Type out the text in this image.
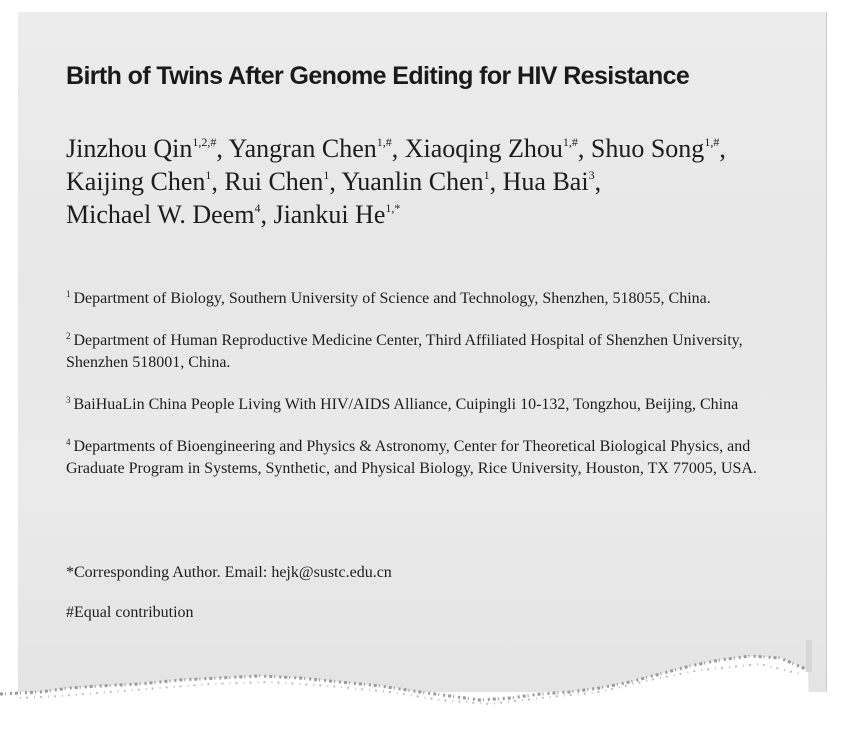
Birth of Twins After Genome Editing for HIV Resistance

Jinzhou Qin$^{1,2,\#}$, Yangran Chen$^{1,\#}$, Xiaoqing Zhou$^{1,\#}$, Shuo Song$^{1,\#}$, Kaijing Chen$^1$, Rui Chen$^1$, Yuanlin Chen$^1$, Hua Bai$^3$, Michael W. Deem$^4$, Jiankui $He^{1,*}$

$^1$ Department of Biology, Southern University of Science and Technology, Shenzhen, 518055, China.
$^2$ Department of Human Reproductive Medicine Center, Third Affiliated Hospital of Shenzhen University, Shenzhen 518001, China.
$^3$ BaiHuaLin China People Living With HIV/AIDS Alliance, Cuipingli 10-132, Tongzhou, Beijing, China
$^4$ Departments of Bioengineering and Physics & Astronomy, Center for Theoretical Biological Physics, and Graduate Program in Systems, Synthetic, and Physical Biology, Rice University, Houston, TX 77005, USA.

*Corresponding Author. Email: hejk@sustc.edu.cn

#Equal contribution
